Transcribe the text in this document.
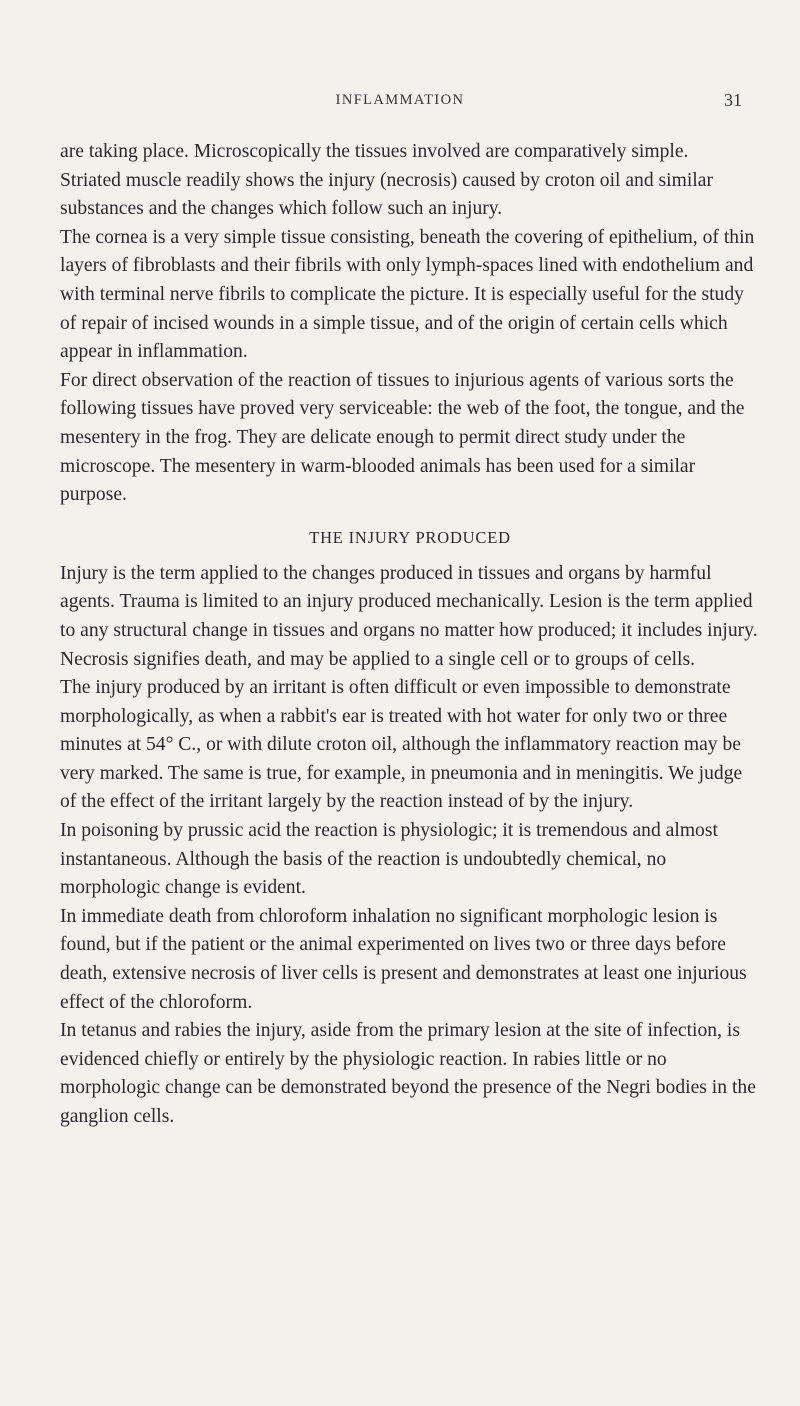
INFLAMMATION	31

are taking place. Microscopically the tissues involved are comparatively simple.

Striated muscle readily shows the injury (necrosis) caused by croton oil and similar substances and the changes which follow such an injury.

The cornea is a very simple tissue consisting, beneath the covering of epithelium, of thin layers of fibroblasts and their fibrils with only lymph-spaces lined with endothelium and with terminal nerve fibrils to complicate the picture. It is especially useful for the study of repair of incised wounds in a simple tissue, and of the origin of certain cells which appear in inflammation.

For direct observation of the reaction of tissues to injurious agents of various sorts the following tissues have proved very serviceable: the web of the foot, the tongue, and the mesentery in the frog. They are delicate enough to permit direct study under the microscope. The mesentery in warm-blooded animals has been used for a similar purpose.

THE INJURY PRODUCED

Injury is the term applied to the changes produced in tissues and organs by harmful agents. Trauma is limited to an injury produced mechanically. Lesion is the term applied to any structural change in tissues and organs no matter how produced; it includes injury. Necrosis signifies death, and may be applied to a single cell or to groups of cells.

The injury produced by an irritant is often difficult or even impossible to demonstrate morphologically, as when a rabbit's ear is treated with hot water for only two or three minutes at 54° C., or with dilute croton oil, although the inflammatory reaction may be very marked. The same is true, for example, in pneumonia and in meningitis. We judge of the effect of the irritant largely by the reaction instead of by the injury.

In poisoning by prussic acid the reaction is physiologic; it is tremendous and almost instantaneous. Although the basis of the reaction is undoubtedly chemical, no morphologic change is evident.

In immediate death from chloroform inhalation no significant morphologic lesion is found, but if the patient or the animal experimented on lives two or three days before death, extensive necrosis of liver cells is present and demonstrates at least one injurious effect of the chloroform.

In tetanus and rabies the injury, aside from the primary lesion at the site of infection, is evidenced chiefly or entirely by the physiologic reaction. In rabies little or no morphologic change can be demonstrated beyond the presence of the Negri bodies in the ganglion cells.
